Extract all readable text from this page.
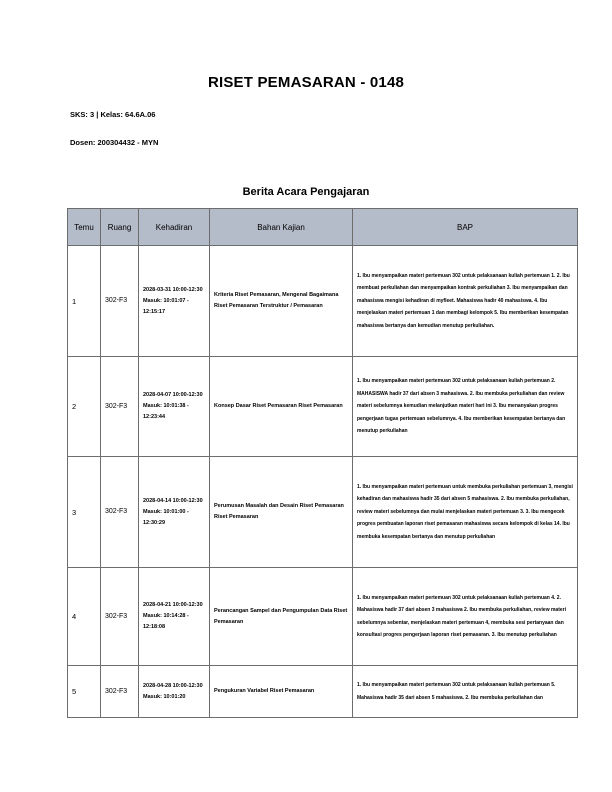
RISET PEMASARAN - 0148
SKS: 3 | Kelas: 64.6A.06
Dosen: 200304432 - MYN
Berita Acara Pengajaran
Temu	Ruang	Kehadiran	Bahan Kajian	BAP
1	302-F3	2028-03-31 10:00-12:30 Masuk: 10:01:07 - 12:15:17	Kriteria Riset Pemasaran, Mengenal Bagaimana Riset Pemasaran Terstruktur / Pemasaran	1. Ibu menyampaikan materi pertemuan 302 untuk pelaksanaan kuliah pertemuan 1. 2. Ibu membuat perkuliahan dan menyampaikan kontrak perkuliahan 3. Ibu menyampaikan dan mahasiswa mengisi kehadiran di myfleet. Mahasiswa hadir 40 mahasiswa. 4. Ibu menjelaskan materi pertemuan 1 dan membagi kelompok 5. Ibu memberikan kesempatan mahasiswa bertanya dan kemudian menutup perkuliahan.
2	302-F3	2028-04-07 10:00-12:30 Masuk: 10:01:38 - 12:23:44	Konsep Dasar Riset Pemasaran Riset Pemasaran	1. Ibu menyampaikan materi pertemuan 302 untuk pelaksanaan kuliah pertemuan 2. MAHASISWA hadir 37 dari absen 3 mahasiswa. 2. Ibu membuka perkuliahan dan review materi sebelumnya kemudian melanjutkan materi hari ini 3. Ibu menanyakan progres pengerjaan tugas pertemuan sebelumnya. 4. Ibu memberikan kesempatan bertanya dan menutup perkuliahan
3	302-F3	2028-04-14 10:00-12:30 Masuk: 10:01:00 - 12:30:29	Perumusan Masalah dan Desain Riset Pemasaran Riset Pemasaran	1. Ibu menyampaikan materi pertemuan untuk membuka perkuliahan pertemuan 3, mengisi kehadiran dan mahasiswa hadir 35 dari absen 5 mahasiswa. 2. Ibu membuka perkuliahan, review materi sebelumnya dan mulai menjelaskan materi pertemuan 3. 3. Ibu mengecek progres pembuatan laporan riset pemasaran mahasiswa secara kelompok di kelas 14. Ibu membuka kesempatan bertanya dan menutup perkuliahan
4	302-F3	2028-04-21 10:00-12:30 Masuk: 10:14:28 - 12:18:08	Perancangan Sampel dan Pengumpulan Data Riset Pemasaran	1. Ibu menyampaikan materi pertemuan 302 untuk pelaksanaan kuliah pertemuan 4. 2. Mahasiswa hadir 37 dari absen 3 mahasiswa 2. Ibu membuka perkuliahan, review materi sebelumnya sebentar, menjelaskan materi pertemuan 4, membuka sesi pertanyaan dan konsultasi progres pengerjaan laporan riset pemasaran. 3. Ibu menutup perkuliahan
5	302-F3	2028-04-28 10:00-12:30 Masuk: 10:01:20	Pengukuran Variabel Riset Pemasaran	1. Ibu menyampaikan materi pertemuan 302 untuk pelaksanaan kuliah pertemuan 5. Mahasiswa hadir 35 dari absen 5 mahasiswa. 2. Ibu membuka perkuliahan dan
